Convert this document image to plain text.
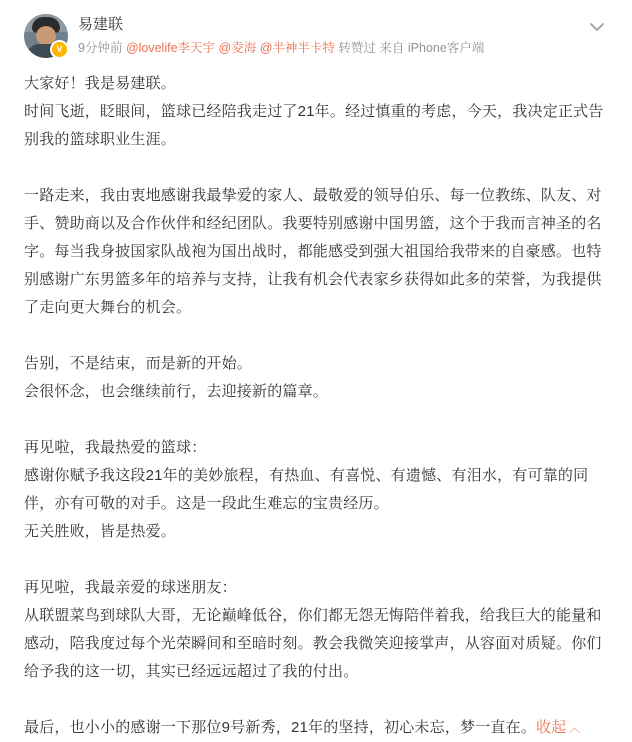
V
易建联
9分钟前 @lovelife李天宇 @夌海 @半神半卡特 转赞过 来自 iPhone客户端

大家好！我是易建联。

时间飞逝，眨眼间，篮球已经陪我走过了21年。经过慎重的考虑，今天，我决定正式告别我的篮球职业生涯。

一路走来，我由衷地感谢我最挚爱的家人、最敬爱的领导伯乐、每一位教练、队友、对手、赞助商以及合作伙伴和经纪团队。我要特别感谢中国男篮，这个于我而言神圣的名字。每当我身披国家队战袍为国出战时，都能感受到强大祖国给我带来的自豪感。也特别感谢广东男篮多年的培养与支持，让我有机会代表家乡获得如此多的荣誉，为我提供了走向更大舞台的机会。

告别，不是结束，而是新的开始。

会很怀念，也会继续前行，去迎接新的篇章。

再见啦，我最热爱的篮球：

感谢你赋予我这段21年的美妙旅程，有热血、有喜悦、有遗憾、有泪水，有可靠的同伴，亦有可敬的对手。这是一段此生难忘的宝贵经历。

无关胜败，皆是热爱。

再见啦，我最亲爱的球迷朋友：

从联盟菜鸟到球队大哥，无论巅峰低谷，你们都无怨无悔陪伴着我，给我巨大的能量和感动，陪我度过每个光荣瞬间和至暗时刻。教会我微笑迎接掌声，从容面对质疑。你们给予我的这一切，其实已经远远超过了我的付出。

最后，也小小的感谢一下那位9号新秀，21年的坚持，初心未忘，梦一直在。收起 ︿
